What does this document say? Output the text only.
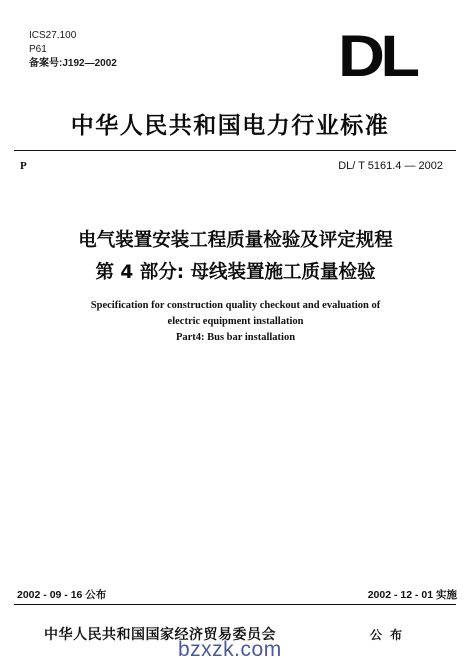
ICS27.100
P61
备案号:J192—2002	DL
中华人民共和国电力行业标准
P	DL/ T 5161.4 — 2002
电气装置安装工程质量检验及评定规程
第 4 部分: 母线装置施工质量检验
Specification for construction quality checkout and evaluation of
electric equipment installation
Part4: Bus bar installation
2002 - 09 - 16 公布	2002 - 12 - 01 实施
中华人民共和国国家经济贸易委员会	公布
bzxzk.com
